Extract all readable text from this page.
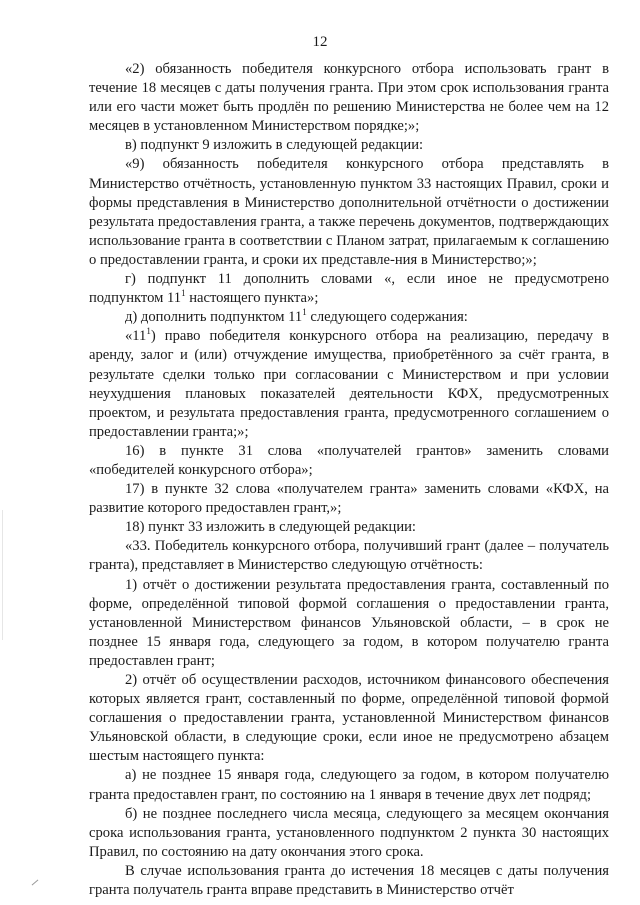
12

«2) обязанность победителя конкурсного отбора использовать грант в течение 18 месяцев с даты получения гранта. При этом срок использования гранта или его части может быть продлён по решению Министерства не более чем на 12 месяцев в установленном Министерством порядке;»;

в) подпункт 9 изложить в следующей редакции:

«9) обязанность победителя конкурсного отбора представлять в Министерство отчётность, установленную пунктом 33 настоящих Правил, сроки и формы представления в Министерство дополнительной отчётности о достижении результата предоставления гранта, а также перечень документов, подтверждающих использование гранта в соответствии с Планом затрат, прилагаемым к соглашению о предоставлении гранта, и сроки их представле-ния в Министерство;»;

г) подпункт 11 дополнить словами «, если иное не предусмотрено подпунктом $11^1$ настоящего пункта»;

д) дополнить подпунктом $11^1$ следующего содержания:

«$11^1$) право победителя конкурсного отбора на реализацию, передачу в аренду, залог и (или) отчуждение имущества, приобретённого за счёт гранта, в результате сделки только при согласовании с Министерством и при условии неухудшения плановых показателей деятельности КФХ, предусмотренных проектом, и результата предоставления гранта, предусмотренного соглашением о предоставлении гранта;»;

16) в пункте 31 слова «получателей грантов» заменить словами «победителей конкурсного отбора»;

17) в пункте 32 слова «получателем гранта» заменить словами «КФХ, на развитие которого предоставлен грант,»;

18) пункт 33 изложить в следующей редакции:

«33. Победитель конкурсного отбора, получивший грант (далее – получатель гранта), представляет в Министерство следующую отчётность:

1) отчёт о достижении результата предоставления гранта, составленный по форме, определённой типовой формой соглашения о предоставлении гранта, установленной Министерством финансов Ульяновской области, – в срок не позднее 15 января года, следующего за годом, в котором получателю гранта предоставлен грант;

2) отчёт об осуществлении расходов, источником финансового обеспечения которых является грант, составленный по форме, определённой типовой формой соглашения о предоставлении гранта, установленной Министерством финансов Ульяновской области, в следующие сроки, если иное не предусмотрено абзацем шестым настоящего пункта:

а) не позднее 15 января года, следующего за годом, в котором получателю гранта предоставлен грант, по состоянию на 1 января в течение двух лет подряд;

б) не позднее последнего числа месяца, следующего за месяцем окончания срока использования гранта, установленного подпунктом 2 пункта 30 настоящих Правил, по состоянию на дату окончания этого срока.

В случае использования гранта до истечения 18 месяцев с даты получения гранта получатель гранта вправе представить в Министерство отчёт
